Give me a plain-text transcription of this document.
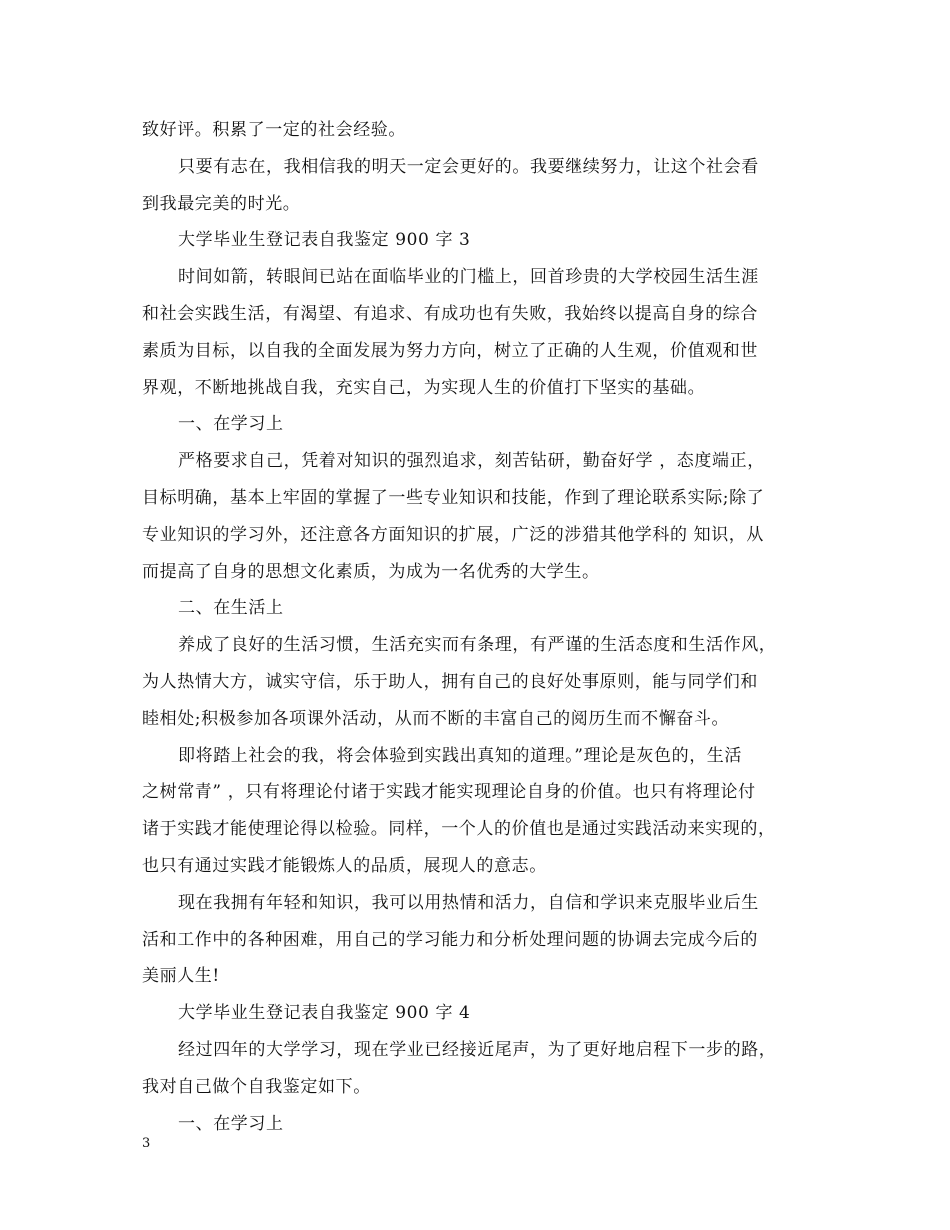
致好评。积累了一定的社会经验。
只要有志在，我相信我的明天一定会更好的。我要继续努力，让这个社会看
到我最完美的时光。
大学毕业生登记表自我鉴定 900 字 3
时间如箭，转眼间已站在面临毕业的门槛上，回首珍贵的大学校园生活生涯
和社会实践生活，有渴望、有追求、有成功也有失败，我始终以提高自身的综合
素质为目标，以自我的全面发展为努力方向，树立了正确的人生观，价值观和世
界观，不断地挑战自我，充实自己，为实现人生的价值打下坚实的基础。
一、在学习上
严格要求自己，凭着对知识的强烈追求，刻苦钻研，勤奋好学 ，态度端正，
目标明确，基本上牢固的掌握了一些专业知识和技能，作到了理论联系实际;除了
专业知识的学习外，还注意各方面知识的扩展，广泛的涉猎其他学科的 知识，从
而提高了自身的思想文化素质，为成为一名优秀的大学生。
二、在生活上
养成了良好的生活习惯，生活充实而有条理，有严谨的生活态度和生活作风，
为人热情大方，诚实守信，乐于助人，拥有自己的良好处事原则，能与同学们和
睦相处;积极参加各项课外活动，从而不断的丰富自己的阅历生而不懈奋斗。
即将踏上社会的我，将会体验到实践出真知的道理。”理论是灰色的，生活
之树常青” ，只有将理论付诸于实践才能实现理论自身的价值。也只有将理论付
诸于实践才能使理论得以检验。同样，一个人的价值也是通过实践活动来实现的，
也只有通过实践才能锻炼人的品质，展现人的意志。
现在我拥有年轻和知识，我可以用热情和活力，自信和学识来克服毕业后生
活和工作中的各种困难，用自己的学习能力和分析处理问题的协调去完成今后的
美丽人生!
大学毕业生登记表自我鉴定 900 字 4
经过四年的大学学习，现在学业已经接近尾声，为了更好地启程下一步的路，
我对自己做个自我鉴定如下。
一、在学习上
3
